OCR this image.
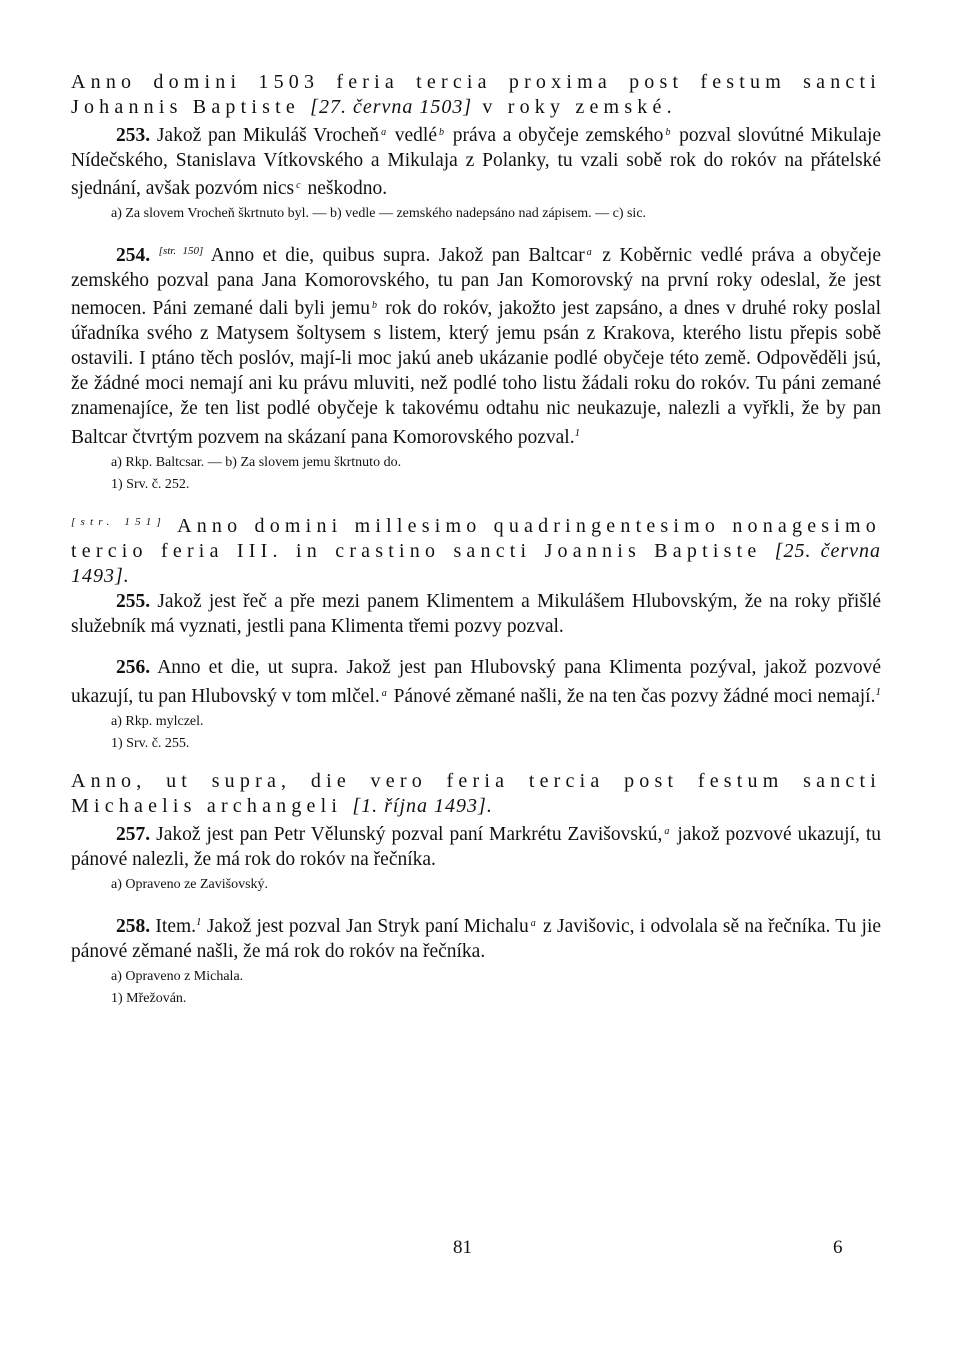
Anno domini 1503 feria tercia proxima post festum sancti Johannis Baptiste [27. června 1503] v roky zemské.

253. Jakož pan Mikuláš Vrocheň $^a$ vedlé $^b$ práva a obyčeje zemského $^b$ pozval slovútné Mikulaje Nídečského, Stanislava Vítkovského a Mikulaja z Polanky, tu vzali sobě rok do rokóv na přátelské sjednání, avšak pozvóm nics $^c$ neškodno.

a) Za slovem Vrocheň škrtnuto byl. — b) vedle — zemského nadepsáno nad zápisem. — c) sic.

254. [str. 150] Anno et die, quibus supra. Jakož pan Baltcar $^a$ z Koběrnic vedlé práva a obyčeje zemského pozval pana Jana Komorovského, tu pan Jan Komorovský na první roky odeslal, že jest nemocen. Páni zemané dali byli jemu $^b$ rok do rokóv, jakožto jest zapsáno, a dnes v druhé roky poslal úřadníka svého z Matysem šoltysem s listem, který jemu psán z Krakova, kterého listu přepis sobě ostavili. I ptáno těch poslóv, mají-li moc jakú aneb ukázanie podlé obyčeje této země. Odpověděli jsú, že žádné moci nemají ani ku právu mluviti, než podlé toho listu žádali roku do rokóv. Tu páni zemané znamenajíce, že ten list podlé obyčeje k takovému odtahu nic neukazuje, nalezli a vyřkli, že by pan Baltcar čtvrtým pozvem na skázaní pana Komorovského pozval.$^1$

a) Rkp. Baltcsar. — b) Za slovem jemu škrtnuto do.

1) Srv. č. 252.

[str. 151] Anno domini millesimo quadringentesimo nonagesimo tercio feria III. in crastino sancti Joannis Baptiste [25. června 1493].

255. Jakož jest řeč a pře mezi panem Klimentem a Mikulášem Hlubovským, že na roky přišlé služebník má vyznati, jestli pana Klimenta třemi pozvy pozval.

256. Anno et die, ut supra. Jakož jest pan Hlubovský pana Klimenta pozýval, jakož pozvové ukazují, tu pan Hlubovský v tom mlčel. $^a$ Pánové zěmané našli, že na ten čas pozvy žádné moci nemají.$^1$

a) Rkp. mylczel.

1) Srv. č. 255.

Anno, ut supra, die vero feria tercia post festum sancti Michaelis archangeli [1. října 1493].

257. Jakož jest pan Petr Vělunský pozval paní Markrétu Zavišovskú, $^a$ jakož pozvové ukazují, tu pánové nalezli, že má rok do rokóv na řečníka.

a) Opraveno ze Zavišovský.

258. Item.$^1$ Jakož jest pozval Jan Stryk paní Michalu $^a$ z Javišovic, i odvolala sě na řečníka. Tu jie pánové zěmané našli, že má rok do rokóv na řečníka.

a) Opraveno z Michala.

1) Mřežován.

81	6
